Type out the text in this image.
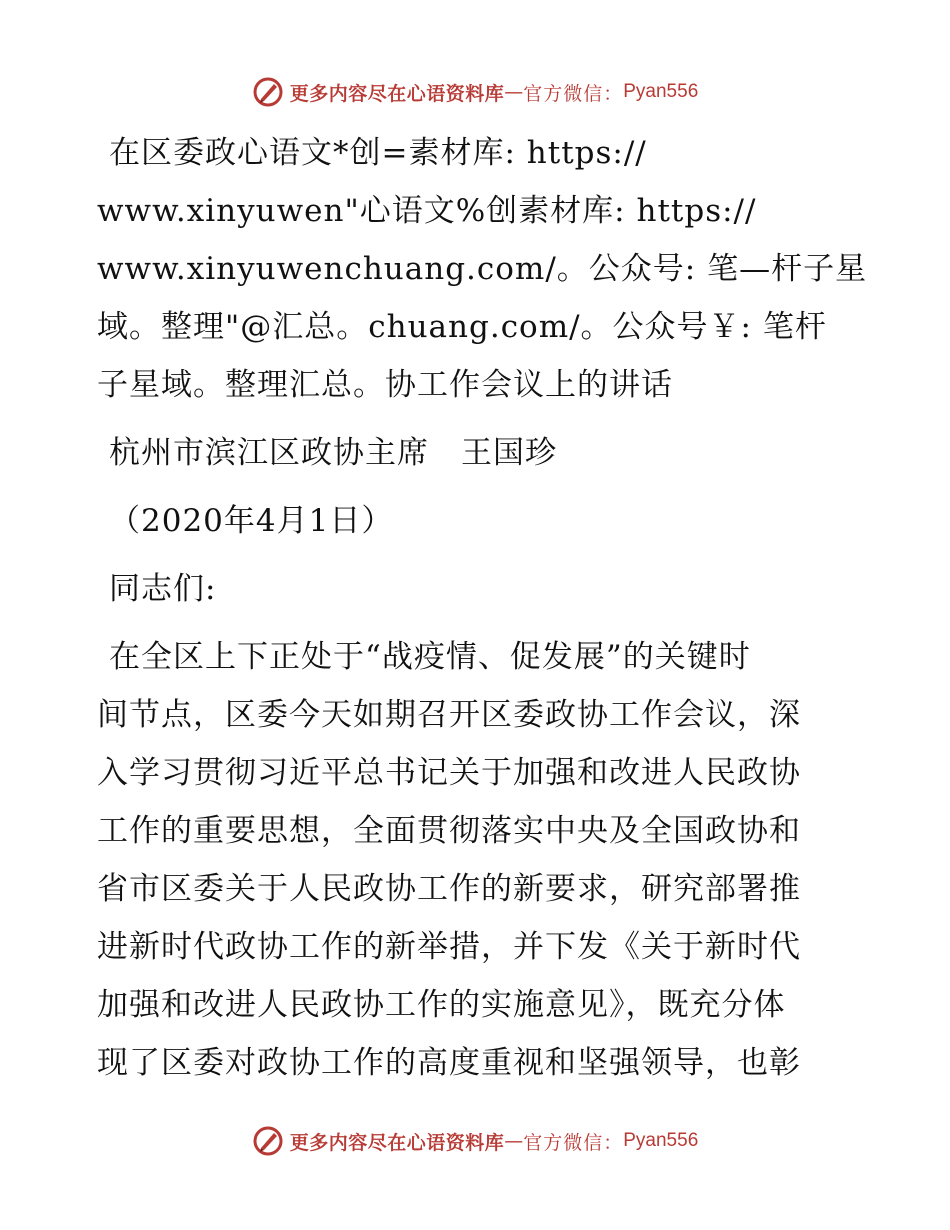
更多内容尽在心语资料库 — 官方微信： Pyan556

在区委政心语文*创=素材库: https://
www.xinyuwen"心语文%创素材库: https://
www.xinyuwenchuang.com/。公众号: 笔—杆子星
域。整理"@汇总。chuang.com/。公众号￥: 笔杆
子星域。整理汇总。协工作会议上的讲话

杭州市滨江区政协主席　王国珍

（2020年4月1日）

同志们:

在全区上下正处于“战疫情、促发展”的关键时
间节点，区委今天如期召开区委政协工作会议，深
入学习贯彻习近平总书记关于加强和改进人民政协
工作的重要思想，全面贯彻落实中央及全国政协和
省市区委关于人民政协工作的新要求，研究部署推
进新时代政协工作的新举措，并下发《关于新时代
加强和改进人民政协工作的实施意见》，既充分体
现了区委对政协工作的高度重视和坚强领导，也彰

更多内容尽在心语资料库 — 官方微信： Pyan556
